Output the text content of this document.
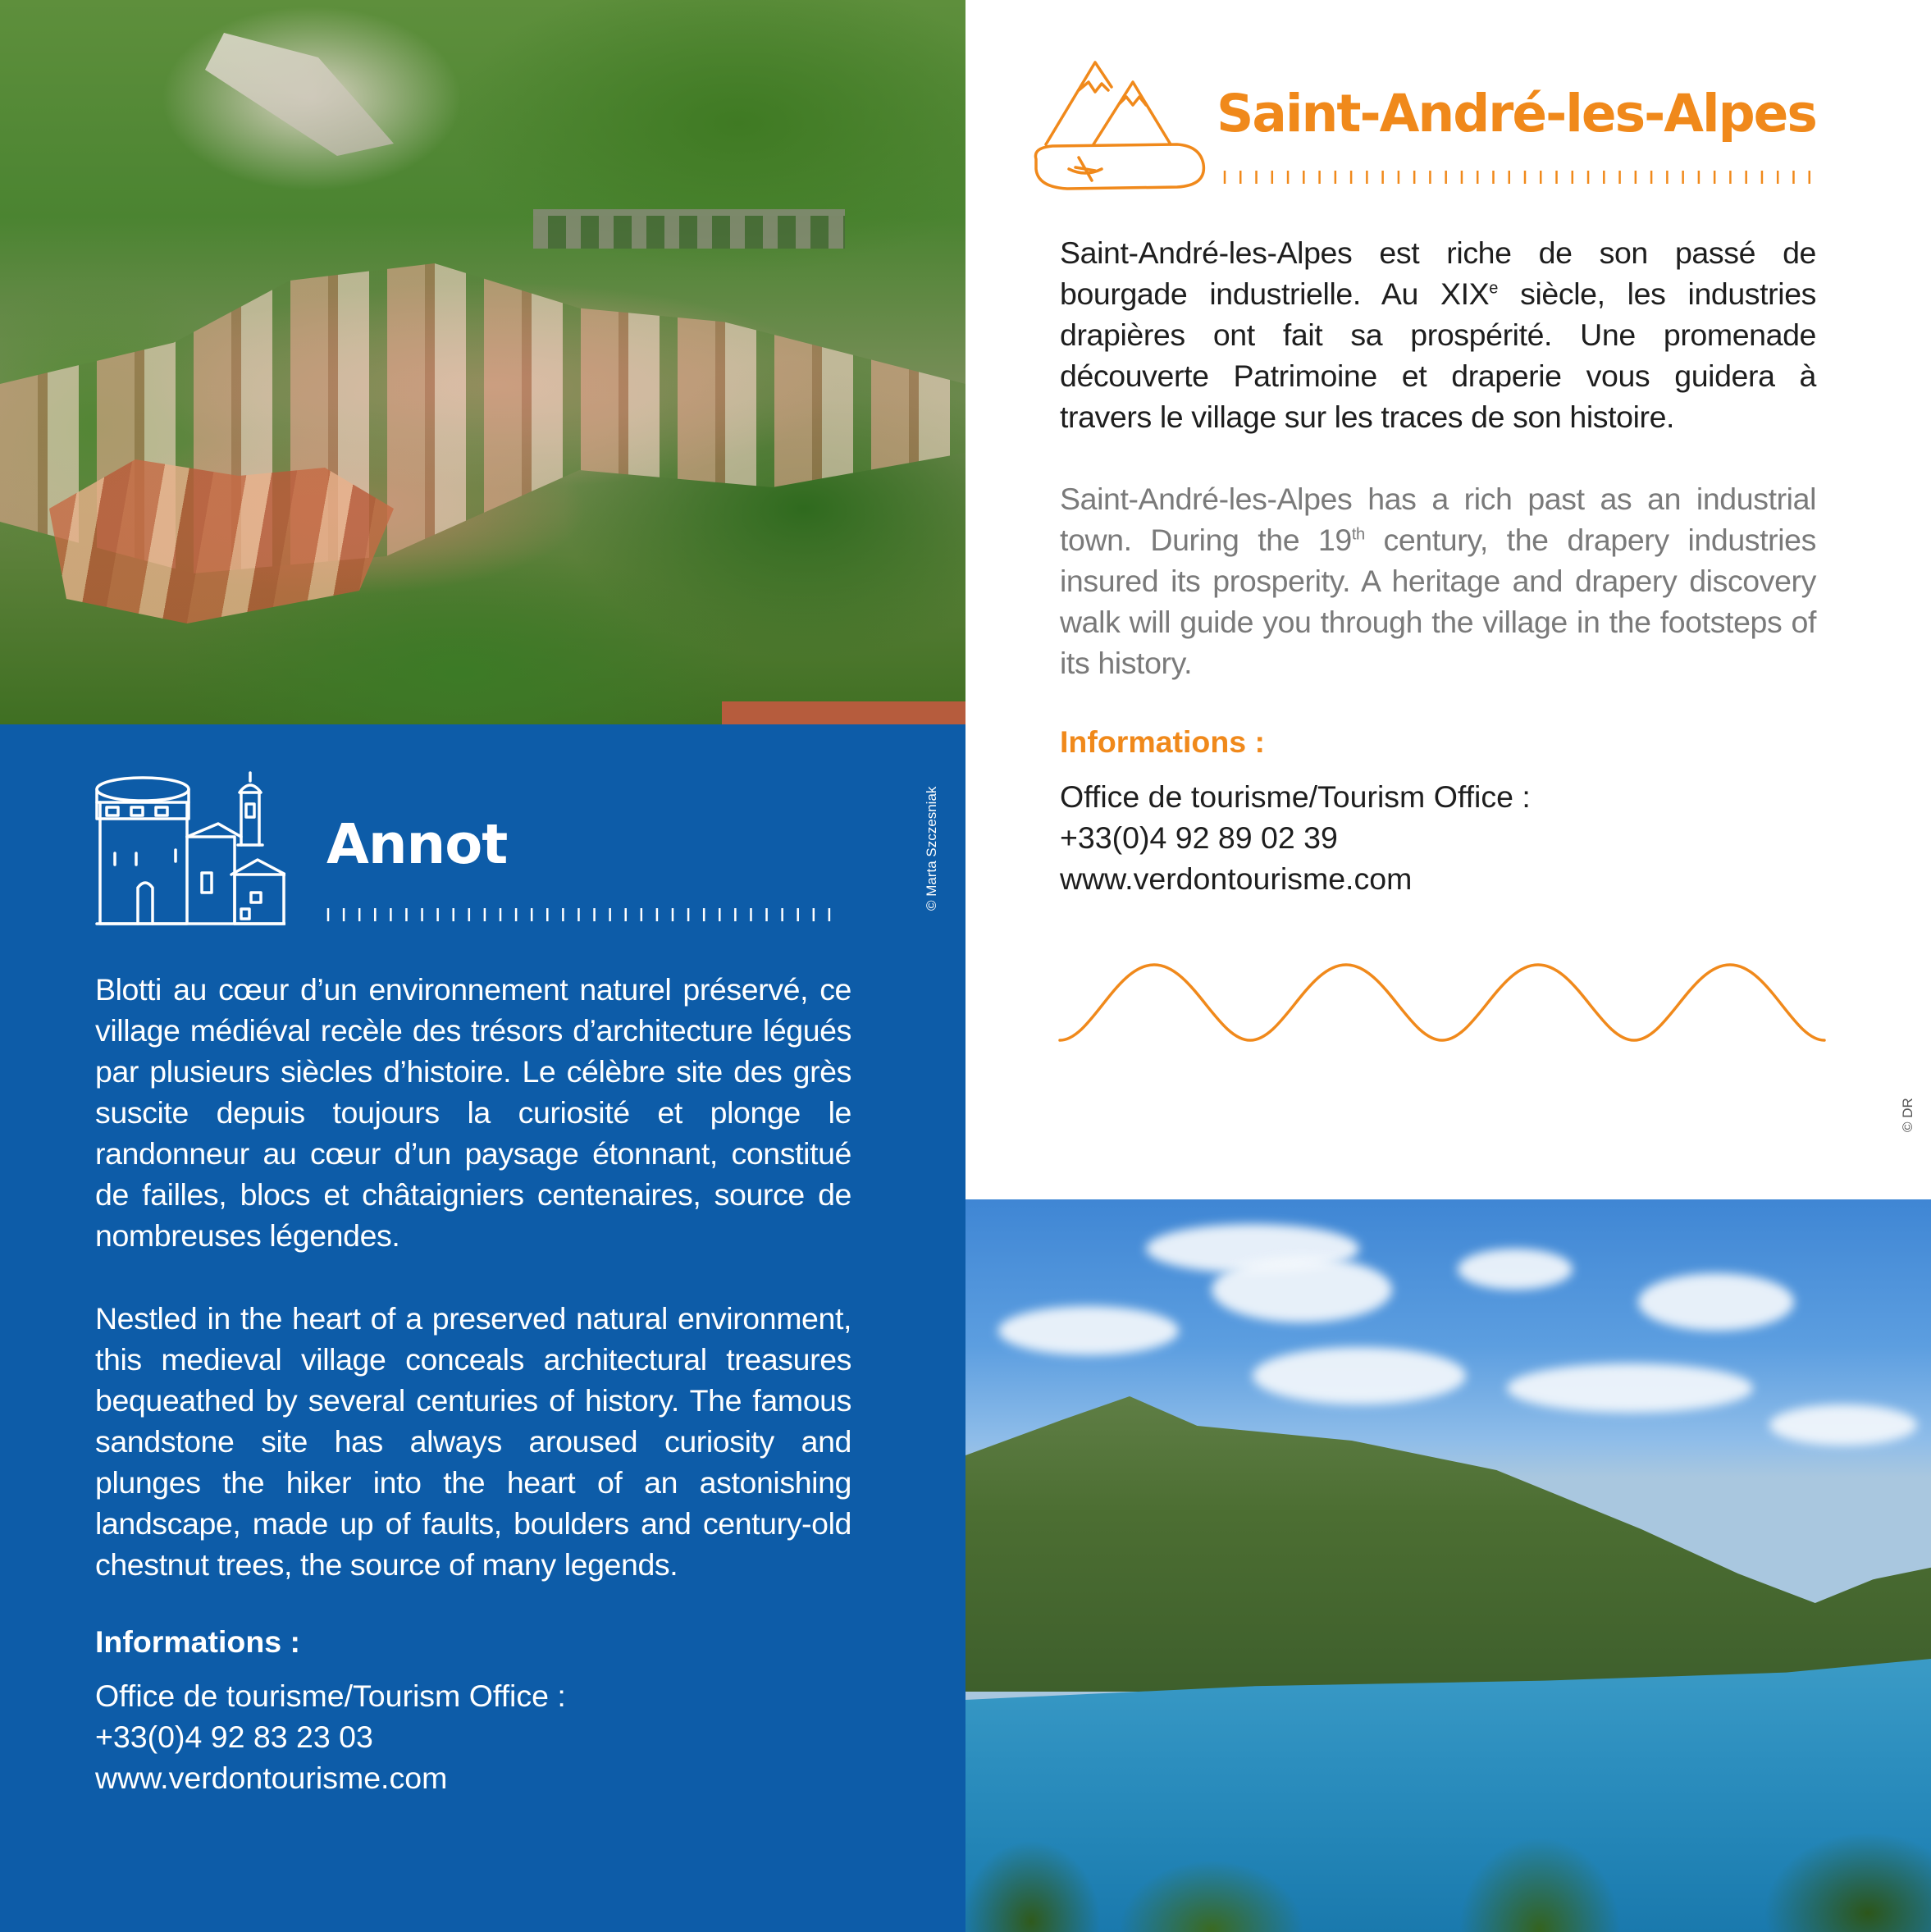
Annot

Blotti au cœur d’un environnement naturel préservé, ce village médiéval recèle des trésors d’architecture légués par plusieurs siècles d’histoire. Le célèbre site des grès suscite depuis toujours la curiosité et plonge le randonneur au cœur d’un paysage étonnant, constitué de failles, blocs et châtaigniers centenaires, source de nombreuses légendes.

Nestled in the heart of a preserved natural environment, this medieval village conceals architectural treasures bequeathed by several centuries of history. The famous sandstone site has always aroused curiosity and plunges the hiker into the heart of an astonishing landscape, made up of faults, boulders and century-old chestnut trees, the source of many legends.

Informations :
Office de tourisme/Tourism Office :
+33(0)4 92 83 23 03
www.verdontourisme.com
© Marta Szczesniak
Saint-André-les-Alpes

Saint-André-les-Alpes est riche de son passé de bourgade industrielle. Au XIXe siècle, les industries drapières ont fait sa prospérité. Une promenade découverte Patrimoine et draperie vous guidera à travers le village sur les traces de son histoire.

Saint-André-les-Alpes has a rich past as an industrial town. During the 19th century, the drapery industries insured its prosperity. A heritage and drapery discovery walk will guide you through the village in the footsteps of its history.

Informations :
Office de tourisme/Tourism Office :
+33(0)4 92 89 02 39
www.verdontourisme.com
© DR
